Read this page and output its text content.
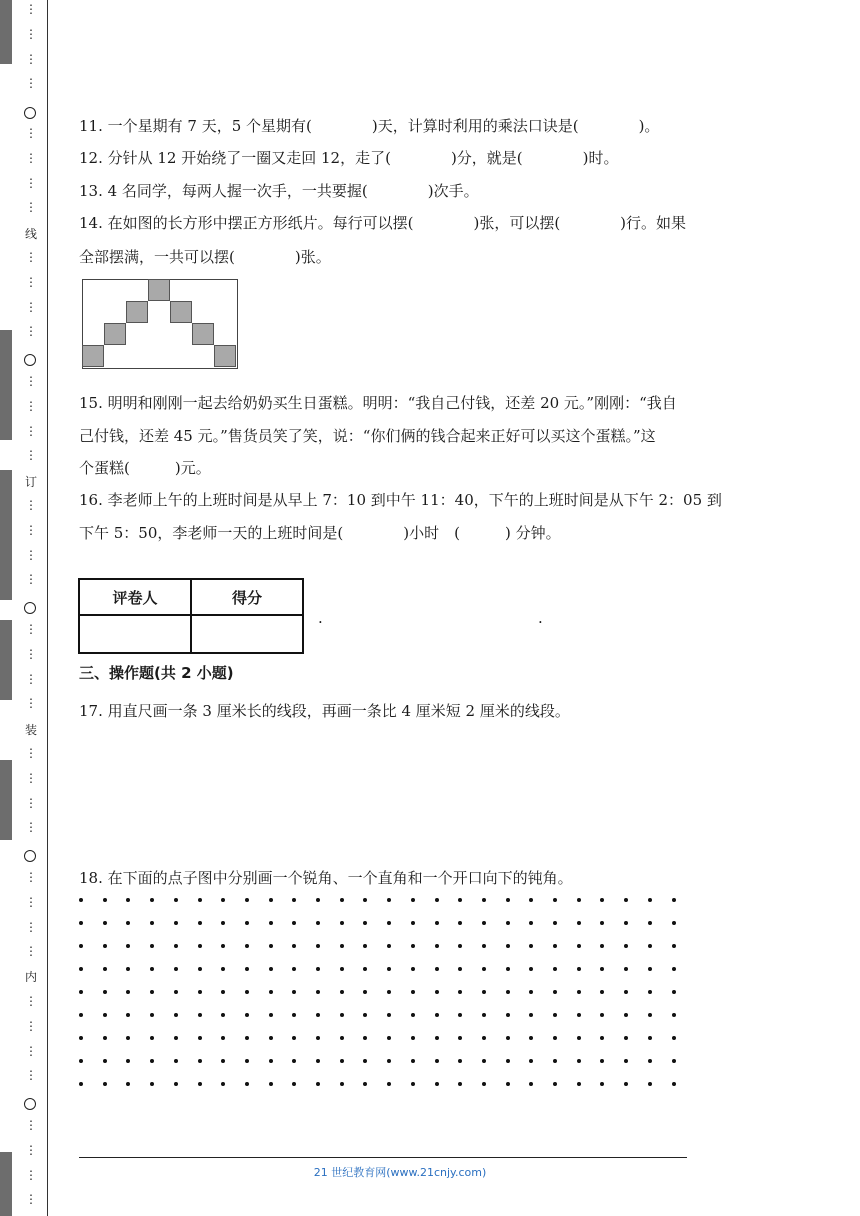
线
订
装
内
⋮
⋮
⋮
⋮
⋮
⋮
⋮
⋮
⋮
⋮
⋮
⋮
⋮
⋮
⋮
⋮
⋮
⋮
⋮
⋮
⋮
⋮
⋮
⋮
⋮
⋮
⋮
⋮
⋮
⋮
⋮
⋮
⋮
⋮
⋮
⋮
⋮
⋮
⋮
⋮
11. 一个星期有 7 天，5 个星期有(　　　　)天，计算时利用的乘法口诀是(　　　　)。
12. 分针从 12 开始绕了一圈又走回 12，走了(　　　　)分，就是(　　　　)时。
13. 4 名同学，每两人握一次手，一共要握(　　　　)次手。
14. 在如图的长方形中摆正方形纸片。每行可以摆(　　　　)张，可以摆(　　　　)行。如果
全部摆满，一共可以摆(　　　　)张。
15. 明明和刚刚一起去给奶奶买生日蛋糕。明明：“我自己付钱，还差 20 元。”刚刚：“我自
己付钱，还差 45 元。”售货员笑了笑，说：“你们俩的钱合起来正好可以买这个蛋糕。”这
个蛋糕(　　　)元。
16. 李老师上午的上班时间是从早上 7：10 到中午 11：40，下午的上班时间是从下午 2：05 到
下午 5：50，李老师一天的上班时间是(　　　　)小时　(　　　) 分钟。
评卷人	得分

.	.
三、操作题(共 2 小题)
17. 用直尺画一条 3 厘米长的线段，再画一条比 4 厘米短 2 厘米的线段。
18. 在下面的点子图中分别画一个锐角、一个直角和一个开口向下的钝角。
21 世纪教育网(www.21cnjy.com)
